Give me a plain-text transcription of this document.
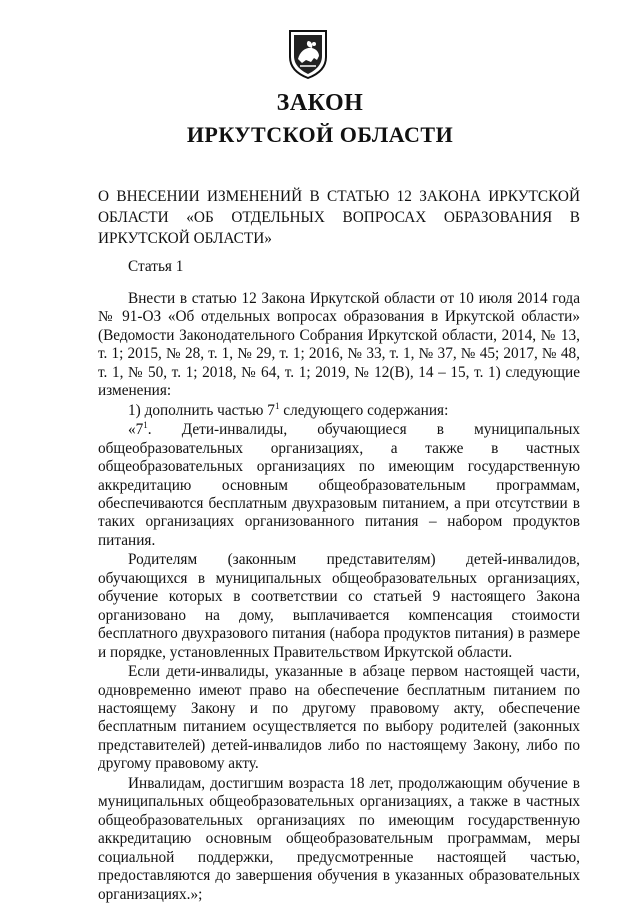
ЗАКОН
ИРКУТСКОЙ ОБЛАСТИ
О ВНЕСЕНИИ ИЗМЕНЕНИЙ В СТАТЬЮ 12 ЗАКОНА ИРКУТСКОЙ ОБЛАСТИ «ОБ ОТДЕЛЬНЫХ ВОПРОСАХ ОБРАЗОВАНИЯ В ИРКУТСКОЙ ОБЛАСТИ»
Статья 1

Внести в статью 12 Закона Иркутской области от 10 июля 2014 года № 91-ОЗ «Об отдельных вопросах образования в Иркутской области» (Ведомости Законодательного Собрания Иркутской области, 2014, № 13, т. 1; 2015, № 28, т. 1, № 29, т. 1; 2016, № 33, т. 1, № 37, № 45; 2017, № 48, т. 1, № 50, т. 1; 2018, № 64, т. 1; 2019, № 12(В), 14 – 15, т. 1) следующие изменения:

1) дополнить частью $7^1$ следующего содержания:

«$7^1$. Дети-инвалиды, обучающиеся в муниципальных общеобразовательных организациях, а также в частных общеобразовательных организациях по имеющим государственную аккредитацию основным общеобразовательным программам, обеспечиваются бесплатным двухразовым питанием, а при отсутствии в таких организациях организованного питания – набором продуктов питания.

Родителям (законным представителям) детей-инвалидов, обучающихся в муниципальных общеобразовательных организациях, обучение которых в соответствии со статьей 9 настоящего Закона организовано на дому, выплачивается компенсация стоимости бесплатного двухразового питания (набора продуктов питания) в размере и порядке, установленных Правительством Иркутской области.

Если дети-инвалиды, указанные в абзаце первом настоящей части, одновременно имеют право на обеспечение бесплатным питанием по настоящему Закону и по другому правовому акту, обеспечение бесплатным питанием осуществляется по выбору родителей (законных представителей) детей-инвалидов либо по настоящему Закону, либо по другому правовому акту.

Инвалидам, достигшим возраста 18 лет, продолжающим обучение в муниципальных общеобразовательных организациях, а также в частных общеобразовательных организациях по имеющим государственную аккредитацию основным общеобразовательным программам, меры социальной поддержки, предусмотренные настоящей частью, предоставляются до завершения обучения в указанных образовательных организациях.»;
